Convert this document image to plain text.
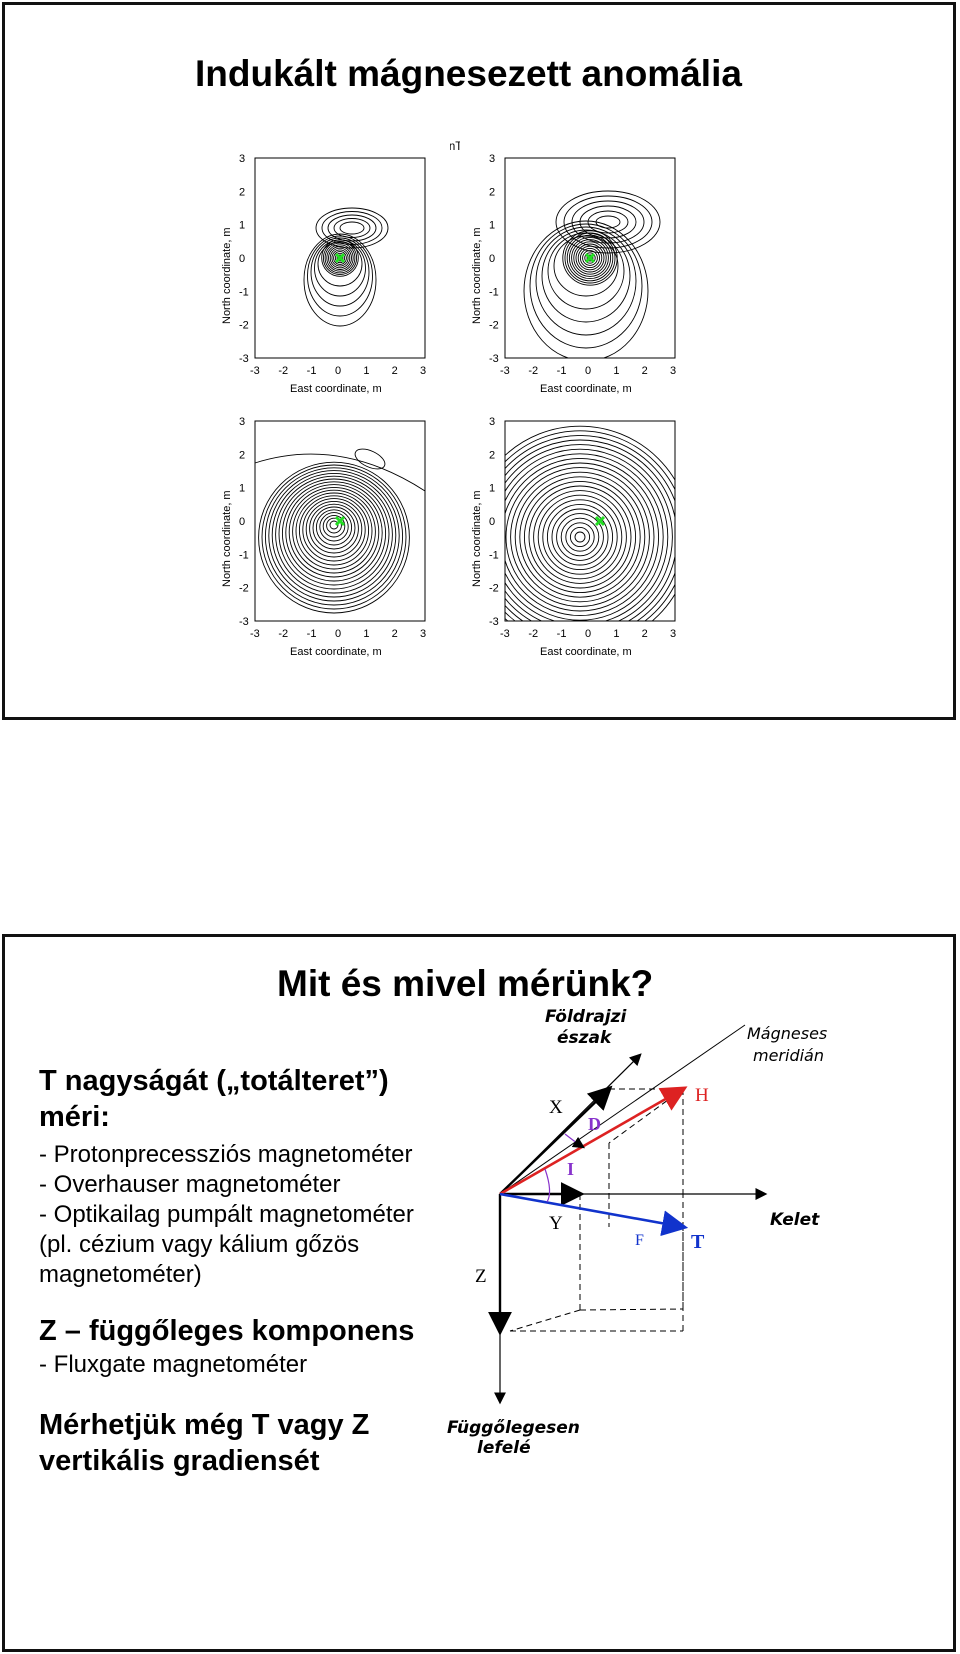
Indukált mágnesezett anomália
nT
-3
-3
-2
-2
-1
-1
0
0
1
1
2
2
3
3
East coordinate, m
North coordinate, m
-3
-3
-2
-2
-1
-1
0
0
1
1
2
2
3
3
East coordinate, m
North coordinate, m
-3
-3
-2
-2
-1
-1
0
0
1
1
2
2
3
3
East coordinate, m
North coordinate, m
-3
-3
-2
-2
-1
-1
0
0
1
1
2
2
3
3
East coordinate, m
North coordinate, m
Mit és mivel mérünk?
T nagyságát („totálteret”)
méri:
- Protonprecessziós magnetométer
- Overhauser magnetométer
- Optikailag pumpált magnetométer
(pl. cézium vagy kálium gőzös
magnetométer)
Z – függőleges komponens
- Fluxgate magnetométer
Mérhetjük még T vagy Z
vertikális gradiensét
Földrajzi
észak	Mágneses
meridián
Kelet
Függőlegesen
lefelé
X
Y
Z
H
T
D
I
F
